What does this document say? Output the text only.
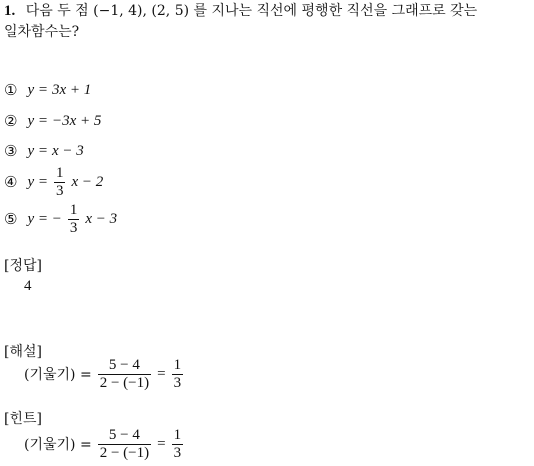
1. 다음 두 점 (−1, 4), (2, 5) 를 지나는 직선에 평행한 직선을 그래프로 갖는
일차함수는?
① y = 3x + 1
② y = −3x + 5
③ y = x − 3
④ $y = \frac{1}{3}$ x − 2
⑤ y = − $\frac{1}{3}$ x − 3
[정답]
4
[해설]
(기울기) = $\frac{5 - 4}{2 - (-1)} = \frac{1}{3}$
[힌트]
(기울기) = $\frac{5 - 4}{2 - (-1)} = \frac{1}{3}$
